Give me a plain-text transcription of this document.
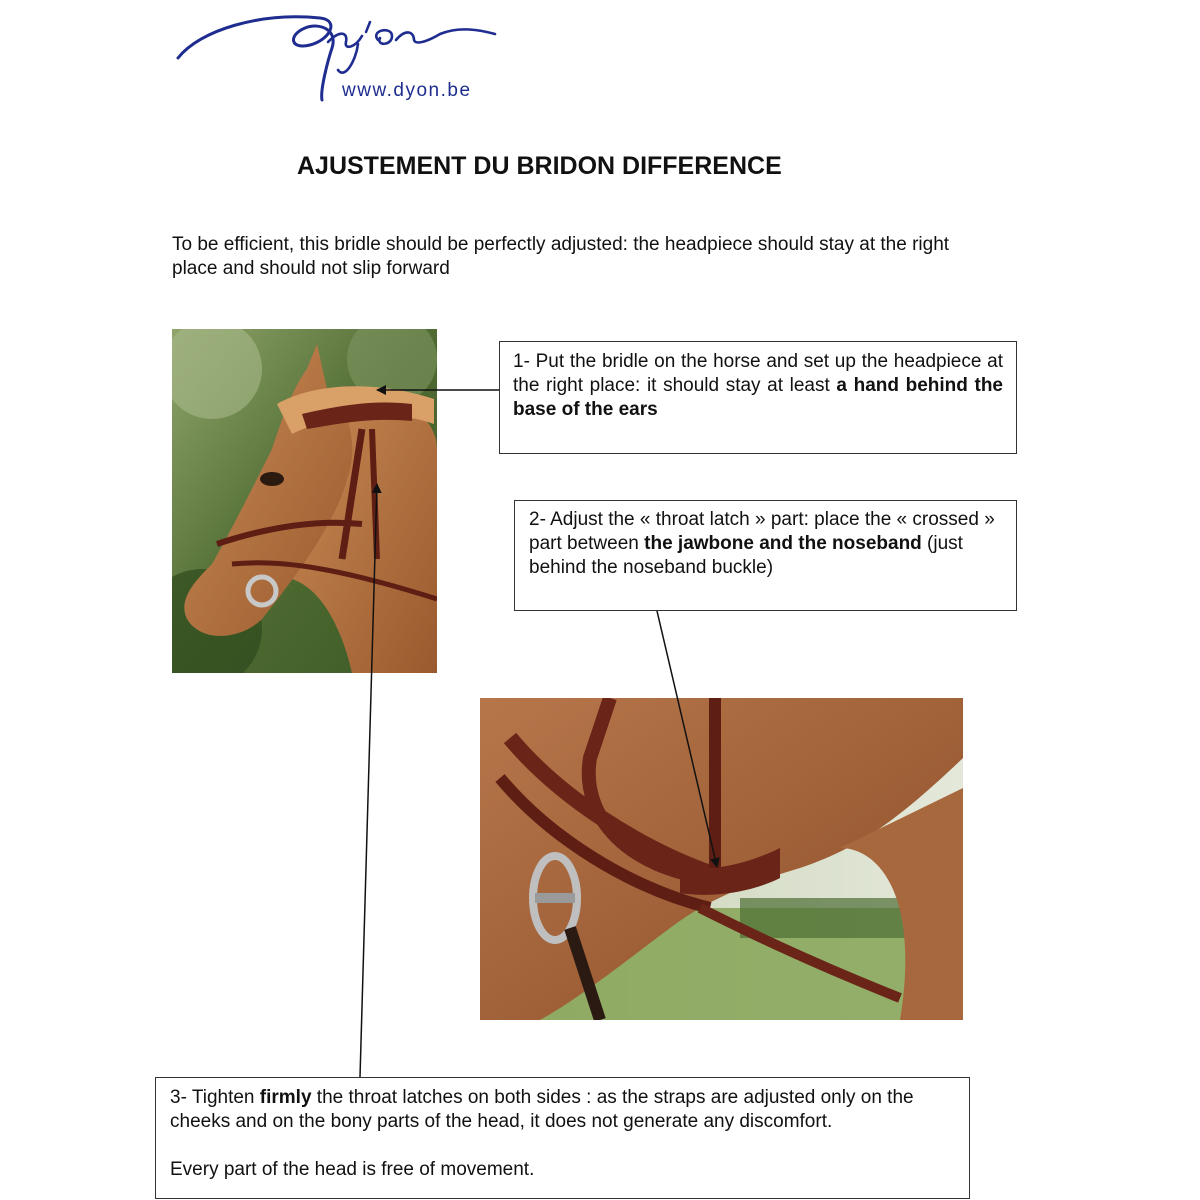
www.dyon.be
AJUSTEMENT DU BRIDON DIFFERENCE
To be efficient, this bridle should be perfectly adjusted: the headpiece should stay at the right place and should not slip forward
1- Put the bridle on the horse and set up the headpiece at the right place: it should stay at least a hand behind the base of the ears
2- Adjust the « throat latch » part: place the « crossed » part between the jawbone and the noseband (just behind the noseband buckle)
3- Tighten firmly the throat latches on both sides : as the straps are adjusted only on the cheeks and on the bony parts of the head, it does not generate any discomfort.
Every part of the head is free of movement.
